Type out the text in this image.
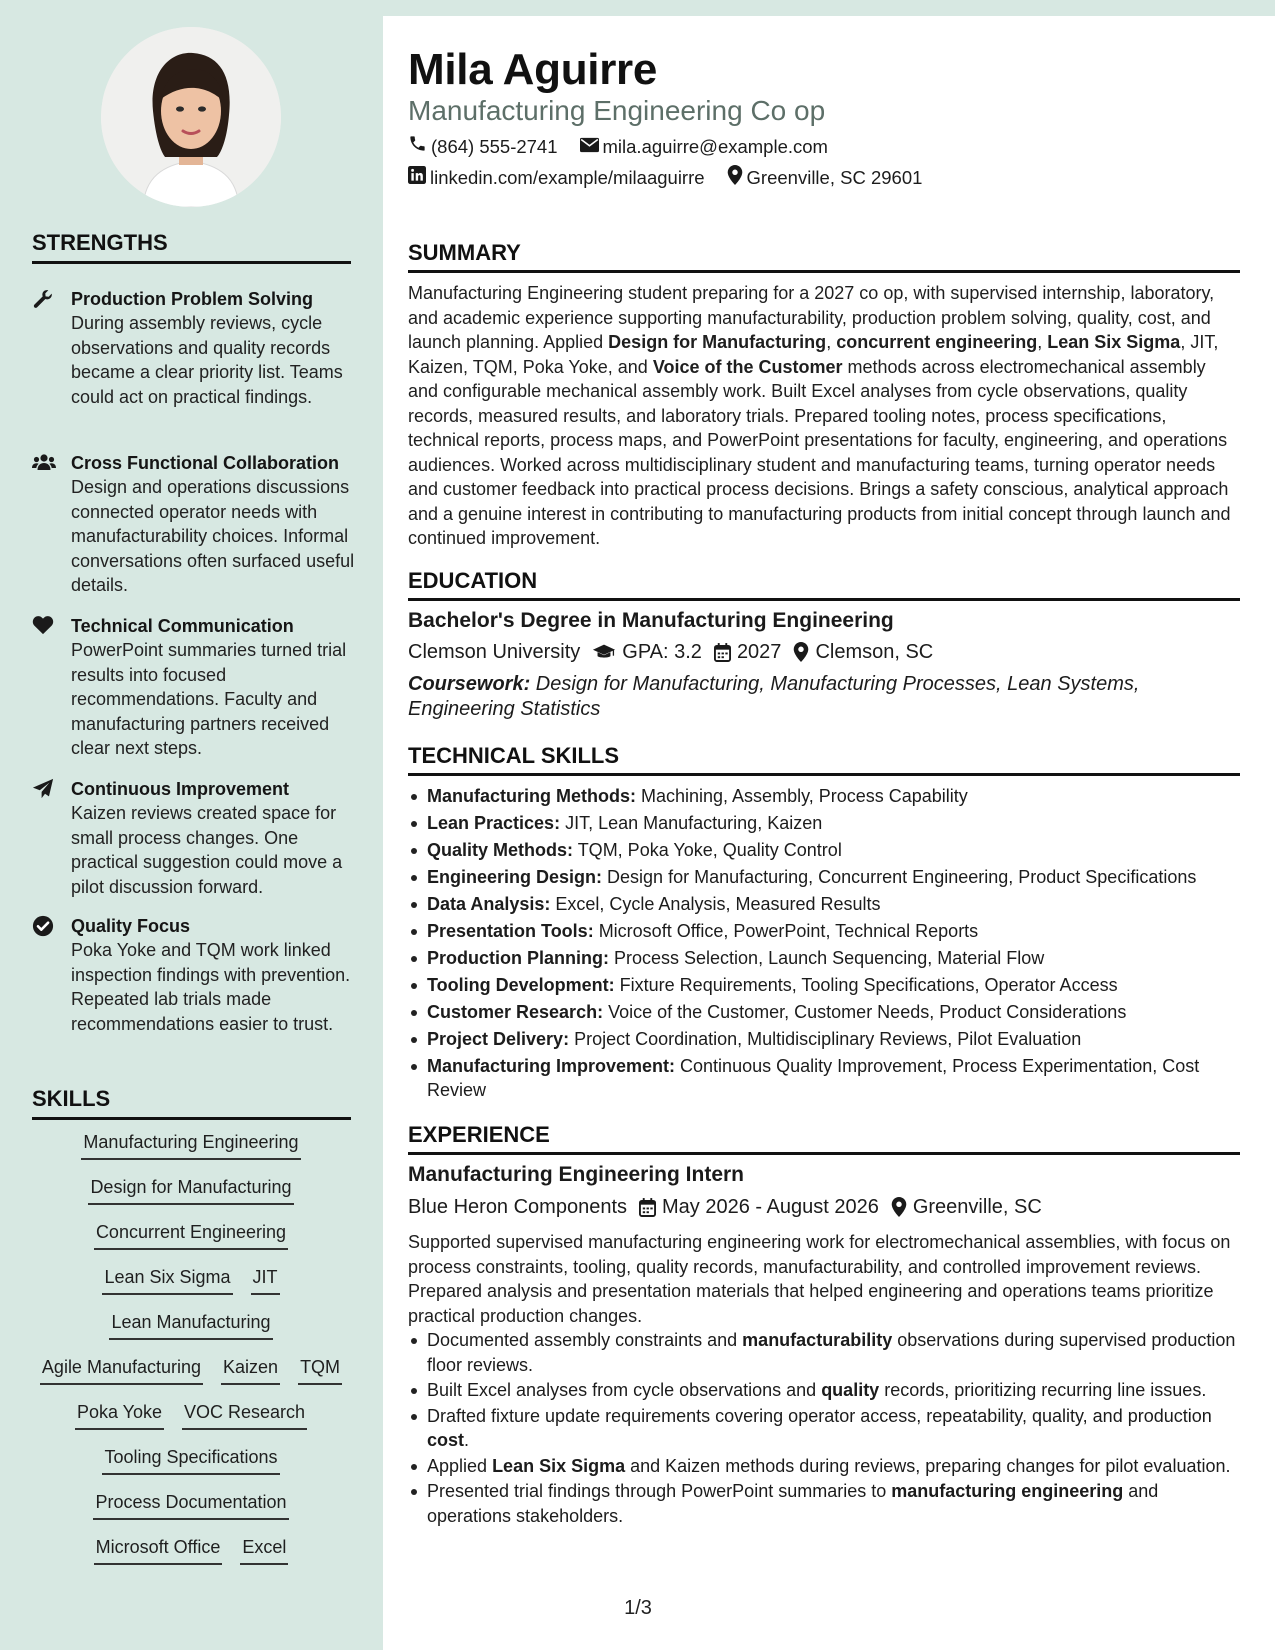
STRENGTHS
Production Problem Solving
During assembly reviews, cycle observations and quality records became a clear priority list. Teams could act on practical findings.
Cross Functional Collaboration
Design and operations discussions connected operator needs with manufacturability choices. Informal conversations often surfaced useful details.
Technical Communication
PowerPoint summaries turned trial results into focused recommendations. Faculty and manufacturing partners received clear next steps.
Continuous Improvement
Kaizen reviews created space for small process changes. One practical suggestion could move a pilot discussion forward.
Quality Focus
Poka Yoke and TQM work linked inspection findings with prevention. Repeated lab trials made recommendations easier to trust.
SKILLS
Manufacturing Engineering
Design for Manufacturing
Concurrent Engineering
Lean Six Sigma JIT
Lean Manufacturing
Agile Manufacturing Kaizen TQM
Poka Yoke VOC Research
Tooling Specifications
Process Documentation
Microsoft Office Excel
Mila Aguirre
Manufacturing Engineering Co op
(864) 555-2741 mila.aguirre@example.com
linkedin.com/example/milaaguirre Greenville, SC 29601
SUMMARY
Manufacturing Engineering student preparing for a 2027 co op, with supervised internship, laboratory, and academic experience supporting manufacturability, production problem solving, quality, cost, and launch planning. Applied Design for Manufacturing, concurrent engineering, Lean Six Sigma, JIT, Kaizen, TQM, Poka Yoke, and Voice of the Customer methods across electromechanical assembly and configurable mechanical assembly work. Built Excel analyses from cycle observations, quality records, measured results, and laboratory trials. Prepared tooling notes, process specifications, technical reports, process maps, and PowerPoint presentations for faculty, engineering, and operations audiences. Worked across multidisciplinary student and manufacturing teams, turning operator needs and customer feedback into practical process decisions. Brings a safety conscious, analytical approach and a genuine interest in contributing to manufacturing products from initial concept through launch and continued improvement.
EDUCATION
Bachelor's Degree in Manufacturing Engineering
Clemson University GPA: 3.2 2027 Clemson, SC
Coursework: Design for Manufacturing, Manufacturing Processes, Lean Systems, Engineering Statistics
TECHNICAL SKILLS
Manufacturing Methods: Machining, Assembly, Process Capability
Lean Practices: JIT, Lean Manufacturing, Kaizen
Quality Methods: TQM, Poka Yoke, Quality Control
Engineering Design: Design for Manufacturing, Concurrent Engineering, Product Specifications
Data Analysis: Excel, Cycle Analysis, Measured Results
Presentation Tools: Microsoft Office, PowerPoint, Technical Reports
Production Planning: Process Selection, Launch Sequencing, Material Flow
Tooling Development: Fixture Requirements, Tooling Specifications, Operator Access
Customer Research: Voice of the Customer, Customer Needs, Product Considerations
Project Delivery: Project Coordination, Multidisciplinary Reviews, Pilot Evaluation
Manufacturing Improvement: Continuous Quality Improvement, Process Experimentation, Cost Review
EXPERIENCE
Manufacturing Engineering Intern
Blue Heron Components May 2026 - August 2026 Greenville, SC
Supported supervised manufacturing engineering work for electromechanical assemblies, with focus on process constraints, tooling, quality records, manufacturability, and controlled improvement reviews. Prepared analysis and presentation materials that helped engineering and operations teams prioritize practical production changes.
Documented assembly constraints and manufacturability observations during supervised production floor reviews.
Built Excel analyses from cycle observations and quality records, prioritizing recurring line issues.
Drafted fixture update requirements covering operator access, repeatability, quality, and production cost.
Applied Lean Six Sigma and Kaizen methods during reviews, preparing changes for pilot evaluation.
Presented trial findings through PowerPoint summaries to manufacturing engineering and operations stakeholders.
1/3
